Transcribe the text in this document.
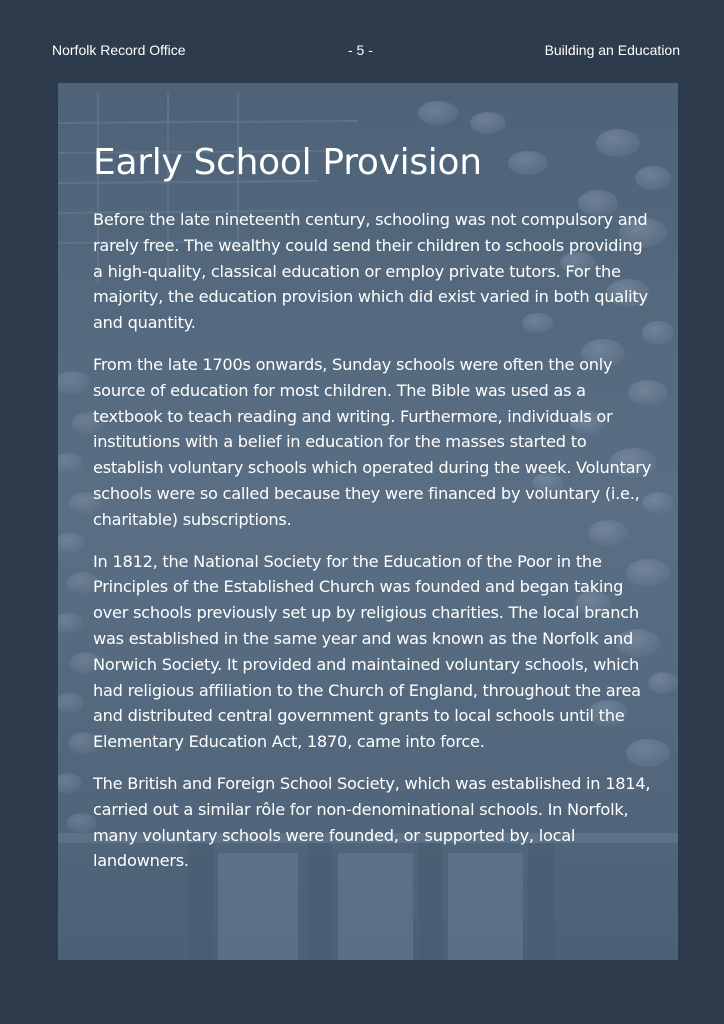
Norfolk Record Office	- 5 -	Building an Education
Early School Provision

Before the late nineteenth century, schooling was not compulsory and rarely free. The wealthy could send their children to schools providing a high-quality, classical education or employ private tutors. For the majority, the education provision which did exist varied in both quality and quantity.

From the late 1700s onwards, Sunday schools were often the only source of education for most children. The Bible was used as a textbook to teach reading and writing. Furthermore, individuals or institutions with a belief in education for the masses started to establish voluntary schools which operated during the week. Voluntary schools were so called because they were financed by voluntary (i.e., charitable) subscriptions.

In 1812, the National Society for the Education of the Poor in the Principles of the Established Church was founded and began taking over schools previously set up by religious charities. The local branch was established in the same year and was known as the Norfolk and Norwich Society. It provided and maintained voluntary schools, which had religious affiliation to the Church of England, throughout the area and distributed central government grants to local schools until the Elementary Education Act, 1870, came into force.

The British and Foreign School Society, which was established in 1814, carried out a similar rôle for non-denominational schools. In Norfolk, many voluntary schools were founded, or supported by, local landowners.
